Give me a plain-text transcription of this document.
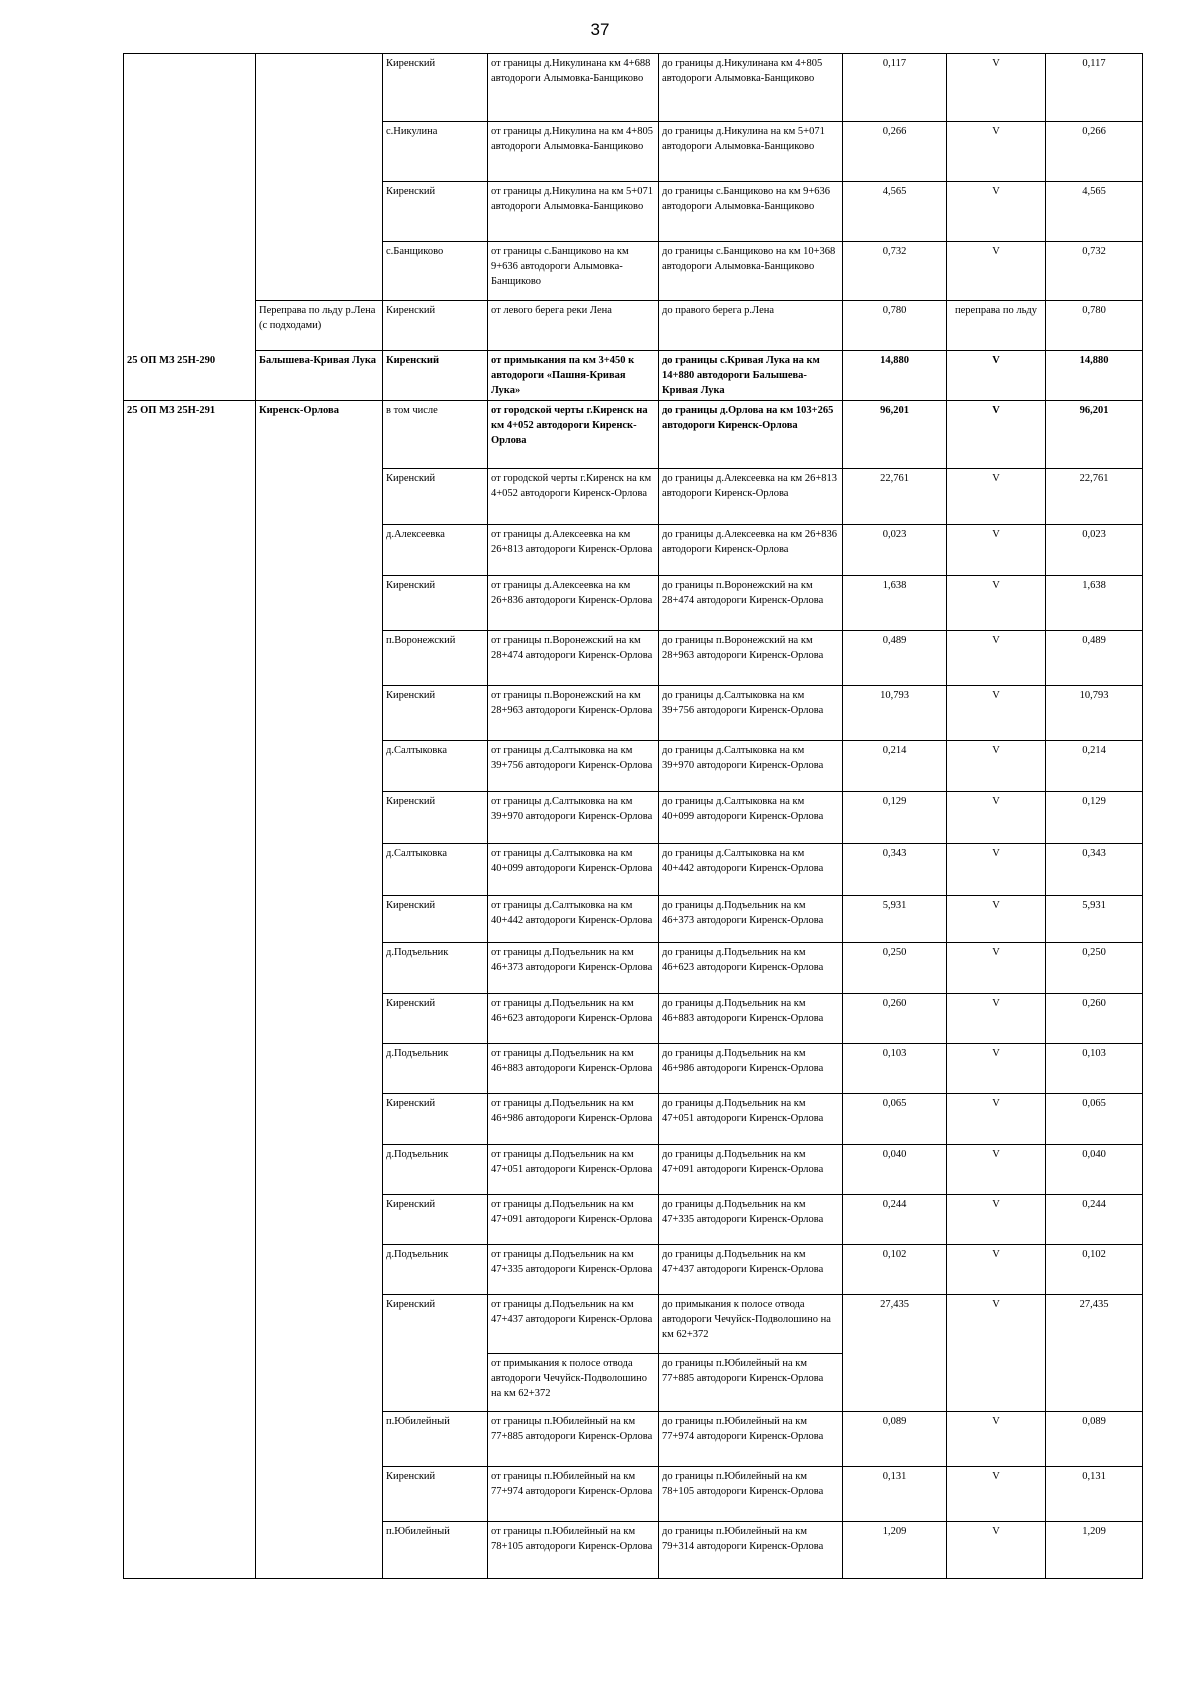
37
		Киренский	от границы д.Никулинана км 4+688 автодороги Алымовка-Банщиково	до границы д.Никулинана км 4+805 автодороги Алымовка-Банщиково	0,117	V	0,117
		с.Никулина	от границы д.Никулина на км 4+805 автодороги Алымовка-Банщиково	до границы д.Никулина на км 5+071 автодороги Алымовка-Банщиково	0,266	V	0,266
		Киренский	от границы д.Никулина на км 5+071 автодороги Алымовка-Банщиково	до границы с.Банщиково на км 9+636 автодороги Алымовка-Банщиково	4,565	V	4,565
		с.Банщиково	от границы с.Банщиково на км 9+636 автодороги Алымовка-Банщиково	до границы с.Банщиково на км 10+368 автодороги Алымовка-Банщиково	0,732	V	0,732
	Переправа по льду р.Лена (с подходами)	Киренский	от левого берега реки Лена	до правого берега р.Лена	0,780	переправа по льду	0,780
25 ОП МЗ 25Н-290	Балышева-Кривая Лука	Киренский	от примыкания па км 3+450 к автодороги «Пашня-Кривая Лука»	до границы с.Кривая Лука на км 14+880 автодороги Балышева-Кривая Лука	14,880	V	14,880
25 ОП МЗ 25Н-291	Киренск-Орлова	в том числе	от городской черты г.Киренск на км 4+052 автодороги Киренск-Орлова	до границы д.Орлова на км 103+265 автодороги Киренск-Орлова	96,201	V	96,201
		Киренский	от городской черты г.Киренск на км 4+052 автодороги Киренск-Орлова	до границы д.Алексеевка на км 26+813 автодороги Киренск-Орлова	22,761	V	22,761
		д.Алексеевка	от границы д.Алексеевка на км 26+813 автодороги Киренск-Орлова	до границы д.Алексеевка на км 26+836 автодороги Киренск-Орлова	0,023	V	0,023
		Киренский	от границы д.Алексеевка на км 26+836 автодороги Киренск-Орлова	до границы п.Воронежский на км 28+474 автодороги Киренск-Орлова	1,638	V	1,638
		п.Воронежский	от границы п.Воронежский на км 28+474 автодороги Киренск-Орлова	до границы п.Воронежский на км 28+963 автодороги Киренск-Орлова	0,489	V	0,489
		Киренский	от границы п.Воронежский на км 28+963 автодороги Киренск-Орлова	до границы д.Салтыковка на км 39+756 автодороги Киренск-Орлова	10,793	V	10,793
		д.Салтыковка	от границы д.Салтыковка на км 39+756 автодороги Киренск-Орлова	до границы д.Салтыковка на км 39+970 автодороги Киренск-Орлова	0,214	V	0,214
		Киренский	от границы д.Салтыковка на км 39+970 автодороги Киренск-Орлова	до границы д.Салтыковка на км 40+099 автодороги Киренск-Орлова	0,129	V	0,129
		д.Салтыковка	от границы д.Салтыковка на км 40+099 автодороги Киренск-Орлова	до границы д.Салтыковка на км 40+442 автодороги Киренск-Орлова	0,343	V	0,343
		Киренский	от границы д.Салтыковка на км 40+442 автодороги Киренск-Орлова	до границы д.Подъельник на км 46+373 автодороги Киренск-Орлова	5,931	V	5,931
		д.Подъельник	от границы д.Подъельник на км 46+373 автодороги Киренск-Орлова	до границы д.Подъельник на км 46+623 автодороги Киренск-Орлова	0,250	V	0,250
		Киренский	от границы д.Подъельник на км 46+623 автодороги Киренск-Орлова	до границы д.Подъельник на км 46+883 автодороги Киренск-Орлова	0,260	V	0,260
		д.Подъельник	от границы д.Подъельник на км 46+883 автодороги Киренск-Орлова	до границы д.Подъельник на км 46+986 автодороги Киренск-Орлова	0,103	V	0,103
		Киренский	от границы д.Подъельник на км 46+986 автодороги Киренск-Орлова	до границы д.Подъельник на км 47+051 автодороги Киренск-Орлова	0,065	V	0,065
		д.Подъельник	от границы д.Подъельник на км 47+051 автодороги Киренск-Орлова	до границы д.Подъельник на км 47+091 автодороги Киренск-Орлова	0,040	V	0,040
		Киренский	от границы д.Подъельник на км 47+091 автодороги Киренск-Орлова	до границы д.Подъельник на км 47+335 автодороги Киренск-Орлова	0,244	V	0,244
		д.Подъельник	от границы д.Подъельник на км 47+335 автодороги Киренск-Орлова	до границы д.Подъельник на км 47+437 автодороги Киренск-Орлова	0,102	V	0,102
		Киренский	от границы д.Подъельник на км 47+437 автодороги Киренск-Орлова	до примыкания к полосе отвода автодороги Чечуйск-Подволошино на км 62+372	27,435	V	27,435
			от примыкания к полосе отвода автодороги Чечуйск-Подволошино на км 62+372	до границы п.Юбилейный на км 77+885 автодороги Киренск-Орлова			
		п.Юбилейный	от границы п.Юбилейный на км 77+885 автодороги Киренск-Орлова	до границы п.Юбилейный на км 77+974 автодороги Киренск-Орлова	0,089	V	0,089
		Киренский	от границы п.Юбилейный на км 77+974 автодороги Киренск-Орлова	до границы п.Юбилейный на км 78+105 автодороги Киренск-Орлова	0,131	V	0,131
		п.Юбилейный	от границы п.Юбилейный на км 78+105 автодороги Киренск-Орлова	до границы п.Юбилейный на км 79+314 автодороги Киренск-Орлова	1,209	V	1,209
